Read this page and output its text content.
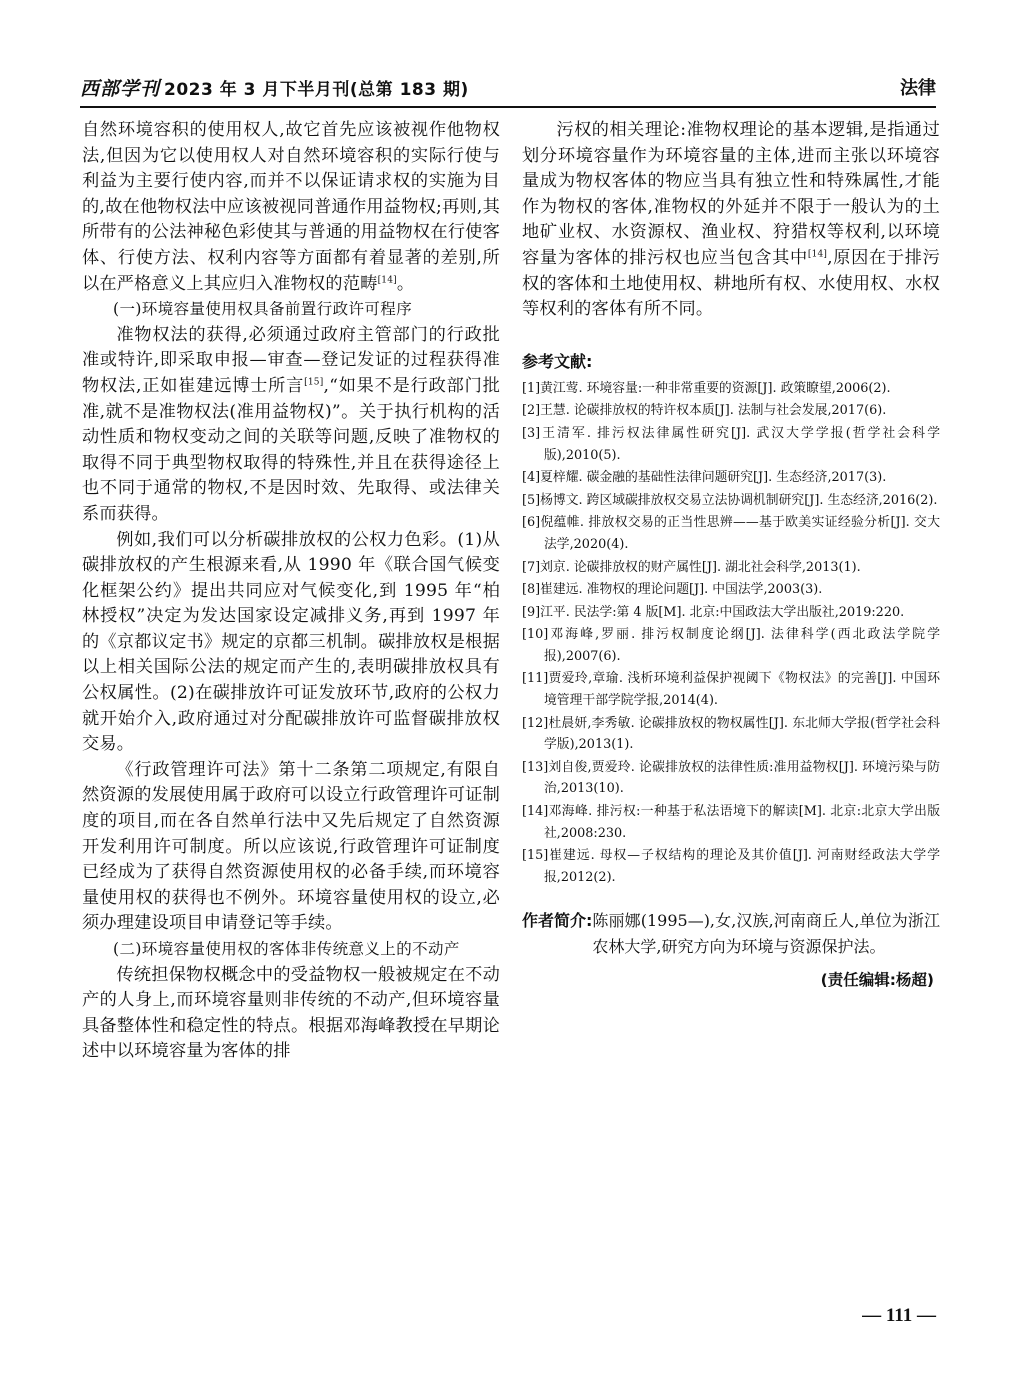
西部学刊 2023 年 3 月下半月刊(总第 183 期)	法律

自然环境容积的使用权人,故它首先应该被视作他物权法,但因为它以使用权人对自然环境容积的实际行使与利益为主要行使内容,而并不以保证请求权的实施为目的,故在他物权法中应该被视同普通作用益物权;再则,其所带有的公法神秘色彩使其与普通的用益物权在行使客体、行使方法、权利内容等方面都有着显著的差别,所以在严格意义上其应归入准物权的范畴[14]。

(一)环境容量使用权具备前置行政许可程序

准物权法的获得,必须通过政府主管部门的行政批准或特许,即采取申报—审查—登记发证的过程获得准物权法,正如崔建远博士所言[15],“如果不是行政部门批准,就不是准物权法(准用益物权)”。关于执行机构的活动性质和物权变动之间的关联等问题,反映了准物权的取得不同于典型物权取得的特殊性,并且在获得途径上也不同于通常的物权,不是因时效、先取得、或法律关系而获得。

例如,我们可以分析碳排放权的公权力色彩。(1)从碳排放权的产生根源来看,从 1990 年《联合国气候变化框架公约》提出共同应对气候变化,到 1995 年“柏林授权”决定为发达国家设定减排义务,再到 1997 年的《京都议定书》规定的京都三机制。碳排放权是根据以上相关国际公法的规定而产生的,表明碳排放权具有公权属性。(2)在碳排放许可证发放环节,政府的公权力就开始介入,政府通过对分配碳排放许可监督碳排放权交易。

《行政管理许可法》第十二条第二项规定,有限自然资源的发展使用属于政府可以设立行政管理许可证制度的项目,而在各自然单行法中又先后规定了自然资源开发利用许可制度。所以应该说,行政管理许可证制度已经成为了获得自然资源使用权的必备手续,而环境容量使用权的获得也不例外。环境容量使用权的设立,必须办理建设项目申请登记等手续。

(二)环境容量使用权的客体非传统意义上的不动产

传统担保物权概念中的受益物权一般被规定在不动产的人身上,而环境容量则非传统的不动产,但环境容量具备整体性和稳定性的特点。根据邓海峰教授在早期论述中以环境容量为客体的排

污权的相关理论:准物权理论的基本逻辑,是指通过划分环境容量作为环境容量的主体,进而主张以环境容量成为物权客体的物应当具有独立性和特殊属性,才能作为物权的客体,准物权的外延并不限于一般认为的土地矿业权、水资源权、渔业权、狩猎权等权利,以环境容量为客体的排污权也应当包含其中[14],原因在于排污权的客体和土地使用权、耕地所有权、水使用权、水权等权利的客体有所不同。

参考文献:
[1]黄江莺. 环境容量:一种非常重要的资源[J]. 政策瞭望,2006(2).
[2]王慧. 论碳排放权的特许权本质[J]. 法制与社会发展,2017(6).
[3]王清军. 排污权法律属性研究[J]. 武汉大学学报(哲学社会科学版),2010(5).
[4]夏梓耀. 碳金融的基础性法律问题研究[J]. 生态经济,2017(3).
[5]杨博文. 跨区域碳排放权交易立法协调机制研究[J]. 生态经济,2016(2).
[6]倪蕴帷. 排放权交易的正当性思辨——基于欧美实证经验分析[J]. 交大法学,2020(4).
[7]刘京. 论碳排放权的财产属性[J]. 湖北社会科学,2013(1).
[8]崔建远. 准物权的理论问题[J]. 中国法学,2003(3).
[9]江平. 民法学:第 4 版[M]. 北京:中国政法大学出版社,2019:220.
[10]邓海峰,罗丽. 排污权制度论纲[J]. 法律科学(西北政法学院学报),2007(6).
[11]贾爱玲,章瑜. 浅析环境利益保护视阈下《物权法》的完善[J]. 中国环境管理干部学院学报,2014(4).
[12]杜晨妍,李秀敏. 论碳排放权的物权属性[J]. 东北师大学报(哲学社会科学版),2013(1).
[13]刘自俊,贾爱玲. 论碳排放权的法律性质:准用益物权[J]. 环境污染与防治,2013(10).
[14]邓海峰. 排污权:一种基于私法语境下的解读[M]. 北京:北京大学出版社,2008:230.
[15]崔建远. 母权—子权结构的理论及其价值[J]. 河南财经政法大学学报,2012(2).
作者简介: 陈丽娜(1995—),女,汉族,河南商丘人,单位为浙江农林大学,研究方向为环境与资源保护法。
(责任编辑:杨超)
— 111 —
